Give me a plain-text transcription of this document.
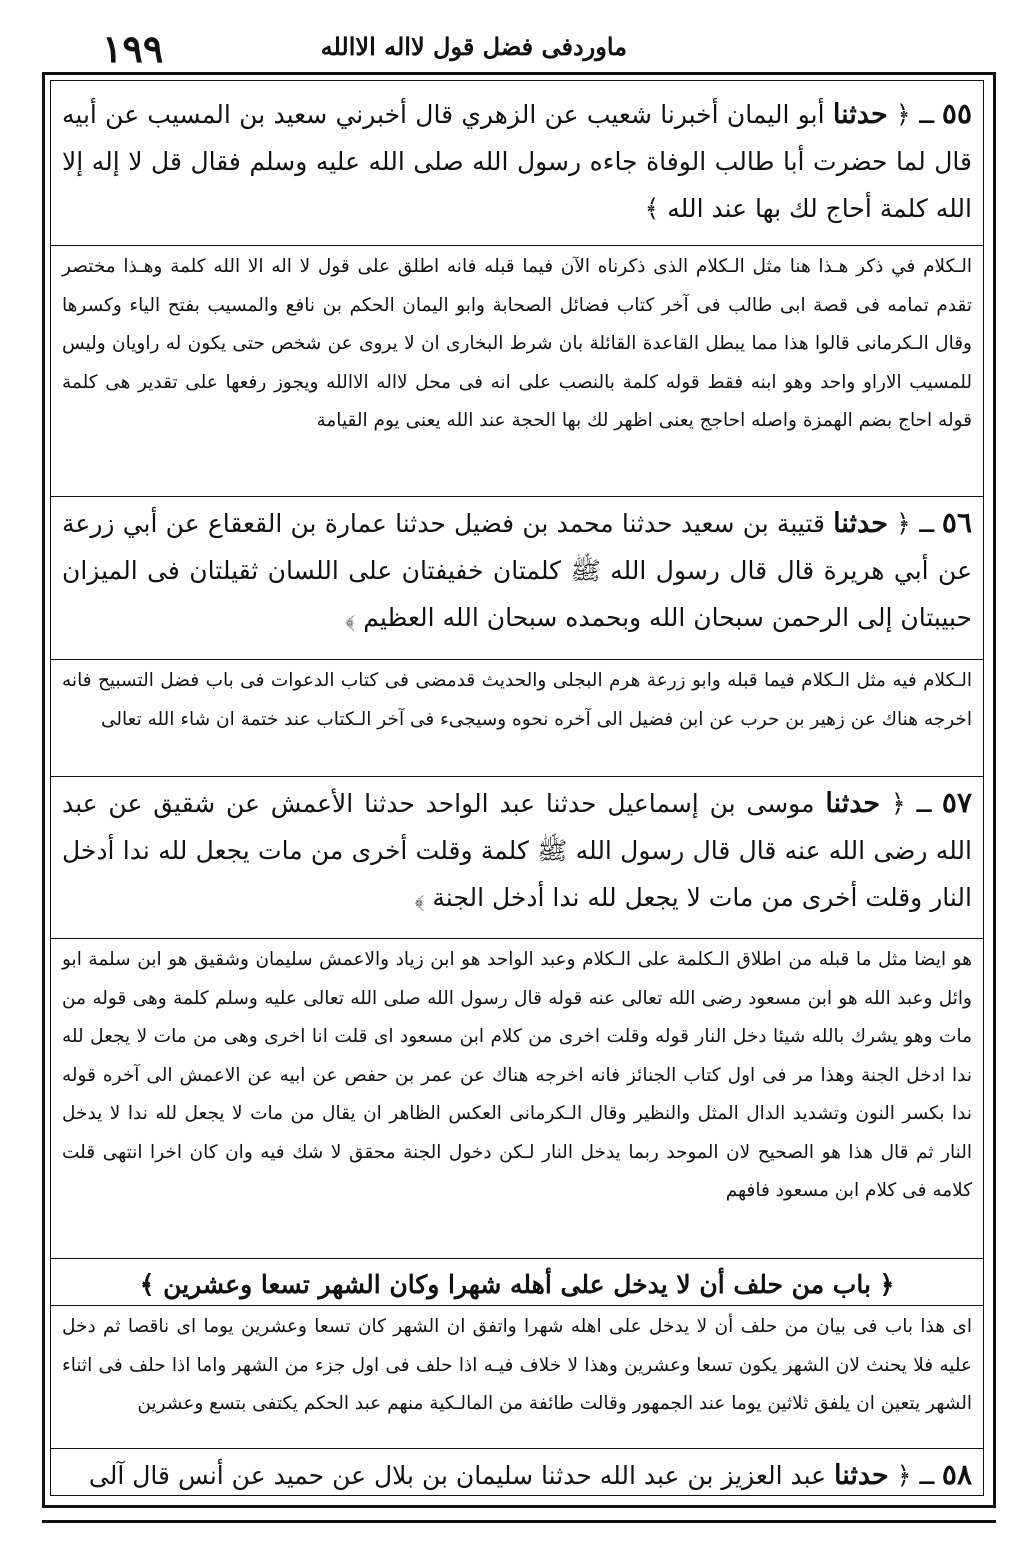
١٩٩	ماوردفى فضل قول لااله الاالله
٥٥ ـ ﴿ حدثنا أبو اليمان أخبرنا شعيب عن الزهري قال أخبرني سعيد بن المسيب عن أبيه قال لما حضرت أبا طالب الوفاة جاءه رسول الله صلى الله عليه وسلم فقال قل لا إله إلا الله كلمة أحاج لك بها عند الله ﴾
الـكلام في ذكر هـذا هنا مثل الـكلام الذى ذكرناه الآن فيما قبله فانه اطلق على قول لا اله الا الله كلمة وهـذا مختصر تقدم تمامه فى قصة ابى طالب فى آخر كتاب فضائل الصحابة وابو اليمان الحكم بن نافع والمسيب بفتح الياء وكسرها وقال الـكرمانى قالوا هذا مما يبطل القاعدة القائلة بان شرط البخارى ان لا يروى عن شخص حتى يكون له راويان وليس للمسيب الاراو واحد وهو ابنه فقط قوله كلمة بالنصب على انه فى محل لااله الاالله ويجوز رفعها على تقدير هى كلمة قوله احاج بضم الهمزة واصله احاجج يعنى اظهر لك بها الحجة عند الله يعنى يوم القيامة
٥٦ ـ ﴿ حدثنا قتيبة بن سعيد حدثنا محمد بن فضيل حدثنا عمارة بن القعقاع عن أبي زرعة عن أبي هريرة قال قال رسول الله ﷺ كلمتان خفيفتان على اللسان ثقيلتان فى الميزان حبيبتان إلى الرحمن سبحان الله وبحمده سبحان الله العظيم ﴾
الـكلام فيه مثل الـكلام فيما قبله وابو زرعة هرم البجلى والحديث قدمضى فى كتاب الدعوات فى باب فضل التسبيح فانه اخرجه هناك عن زهير بن حرب عن ابن فضيل الى آخره نحوه وسيجىء فى آخر الـكتاب عند ختمة ان شاء الله تعالى
٥٧ ـ ﴿ حدثنا موسى بن إسماعيل حدثنا عبد الواحد حدثنا الأعمش عن شقيق عن عبد الله رضى الله عنه قال قال رسول الله ﷺ كلمة وقلت أخرى من مات يجعل لله ندا أدخل النار وقلت أخرى من مات لا يجعل لله ندا أدخل الجنة ﴾
هو ايضا مثل ما قبله من اطلاق الـكلمة على الـكلام وعبد الواحد هو ابن زياد والاعمش سليمان وشقيق هو ابن سلمة ابو وائل وعبد الله هو ابن مسعود رضى الله تعالى عنه قوله قال رسول الله صلى الله تعالى عليه وسلم كلمة وهى قوله من مات وهو يشرك بالله شيئا دخل النار قوله وقلت اخرى من كلام ابن مسعود اى قلت انا اخرى وهى من مات لا يجعل لله ندا ادخل الجنة وهذا مر فى اول كتاب الجنائز فانه اخرجه هناك عن عمر بن حفص عن ابيه عن الاعمش الى آخره قوله ندا بكسر النون وتشديد الدال المثل والنظير وقال الـكرمانى العكس الظاهر ان يقال من مات لا يجعل لله ندا لا يدخل النار ثم قال هذا هو الصحيح لان الموحد ربما يدخل النار لـكن دخول الجنة محقق لا شك فيه وان كان اخرا انتهى قلت كلامه فى كلام ابن مسعود فافهم
﴿ باب من حلف أن لا يدخل على أهله شهرا وكان الشهر تسعا وعشرين ﴾
اى هذا باب فى بيان من حلف أن لا يدخل على اهله شهرا واتفق ان الشهر كان تسعا وعشرين يوما اى ناقصا ثم دخل عليه فلا يحنث لان الشهر يكون تسعا وعشرين وهذا لا خلاف فيـه اذا حلف فى اول جزء من الشهر واما اذا حلف فى اثناء الشهر يتعين ان يلفق ثلاثين يوما عند الجمهور وقالت طائفة من المالـكية منهم عبد الحكم يكتفى بتسع وعشرين
٥٨ ـ ﴿ حدثنا عبد العزيز بن عبد الله حدثنا سليمان بن بلال عن حميد عن أنس قال آلى
